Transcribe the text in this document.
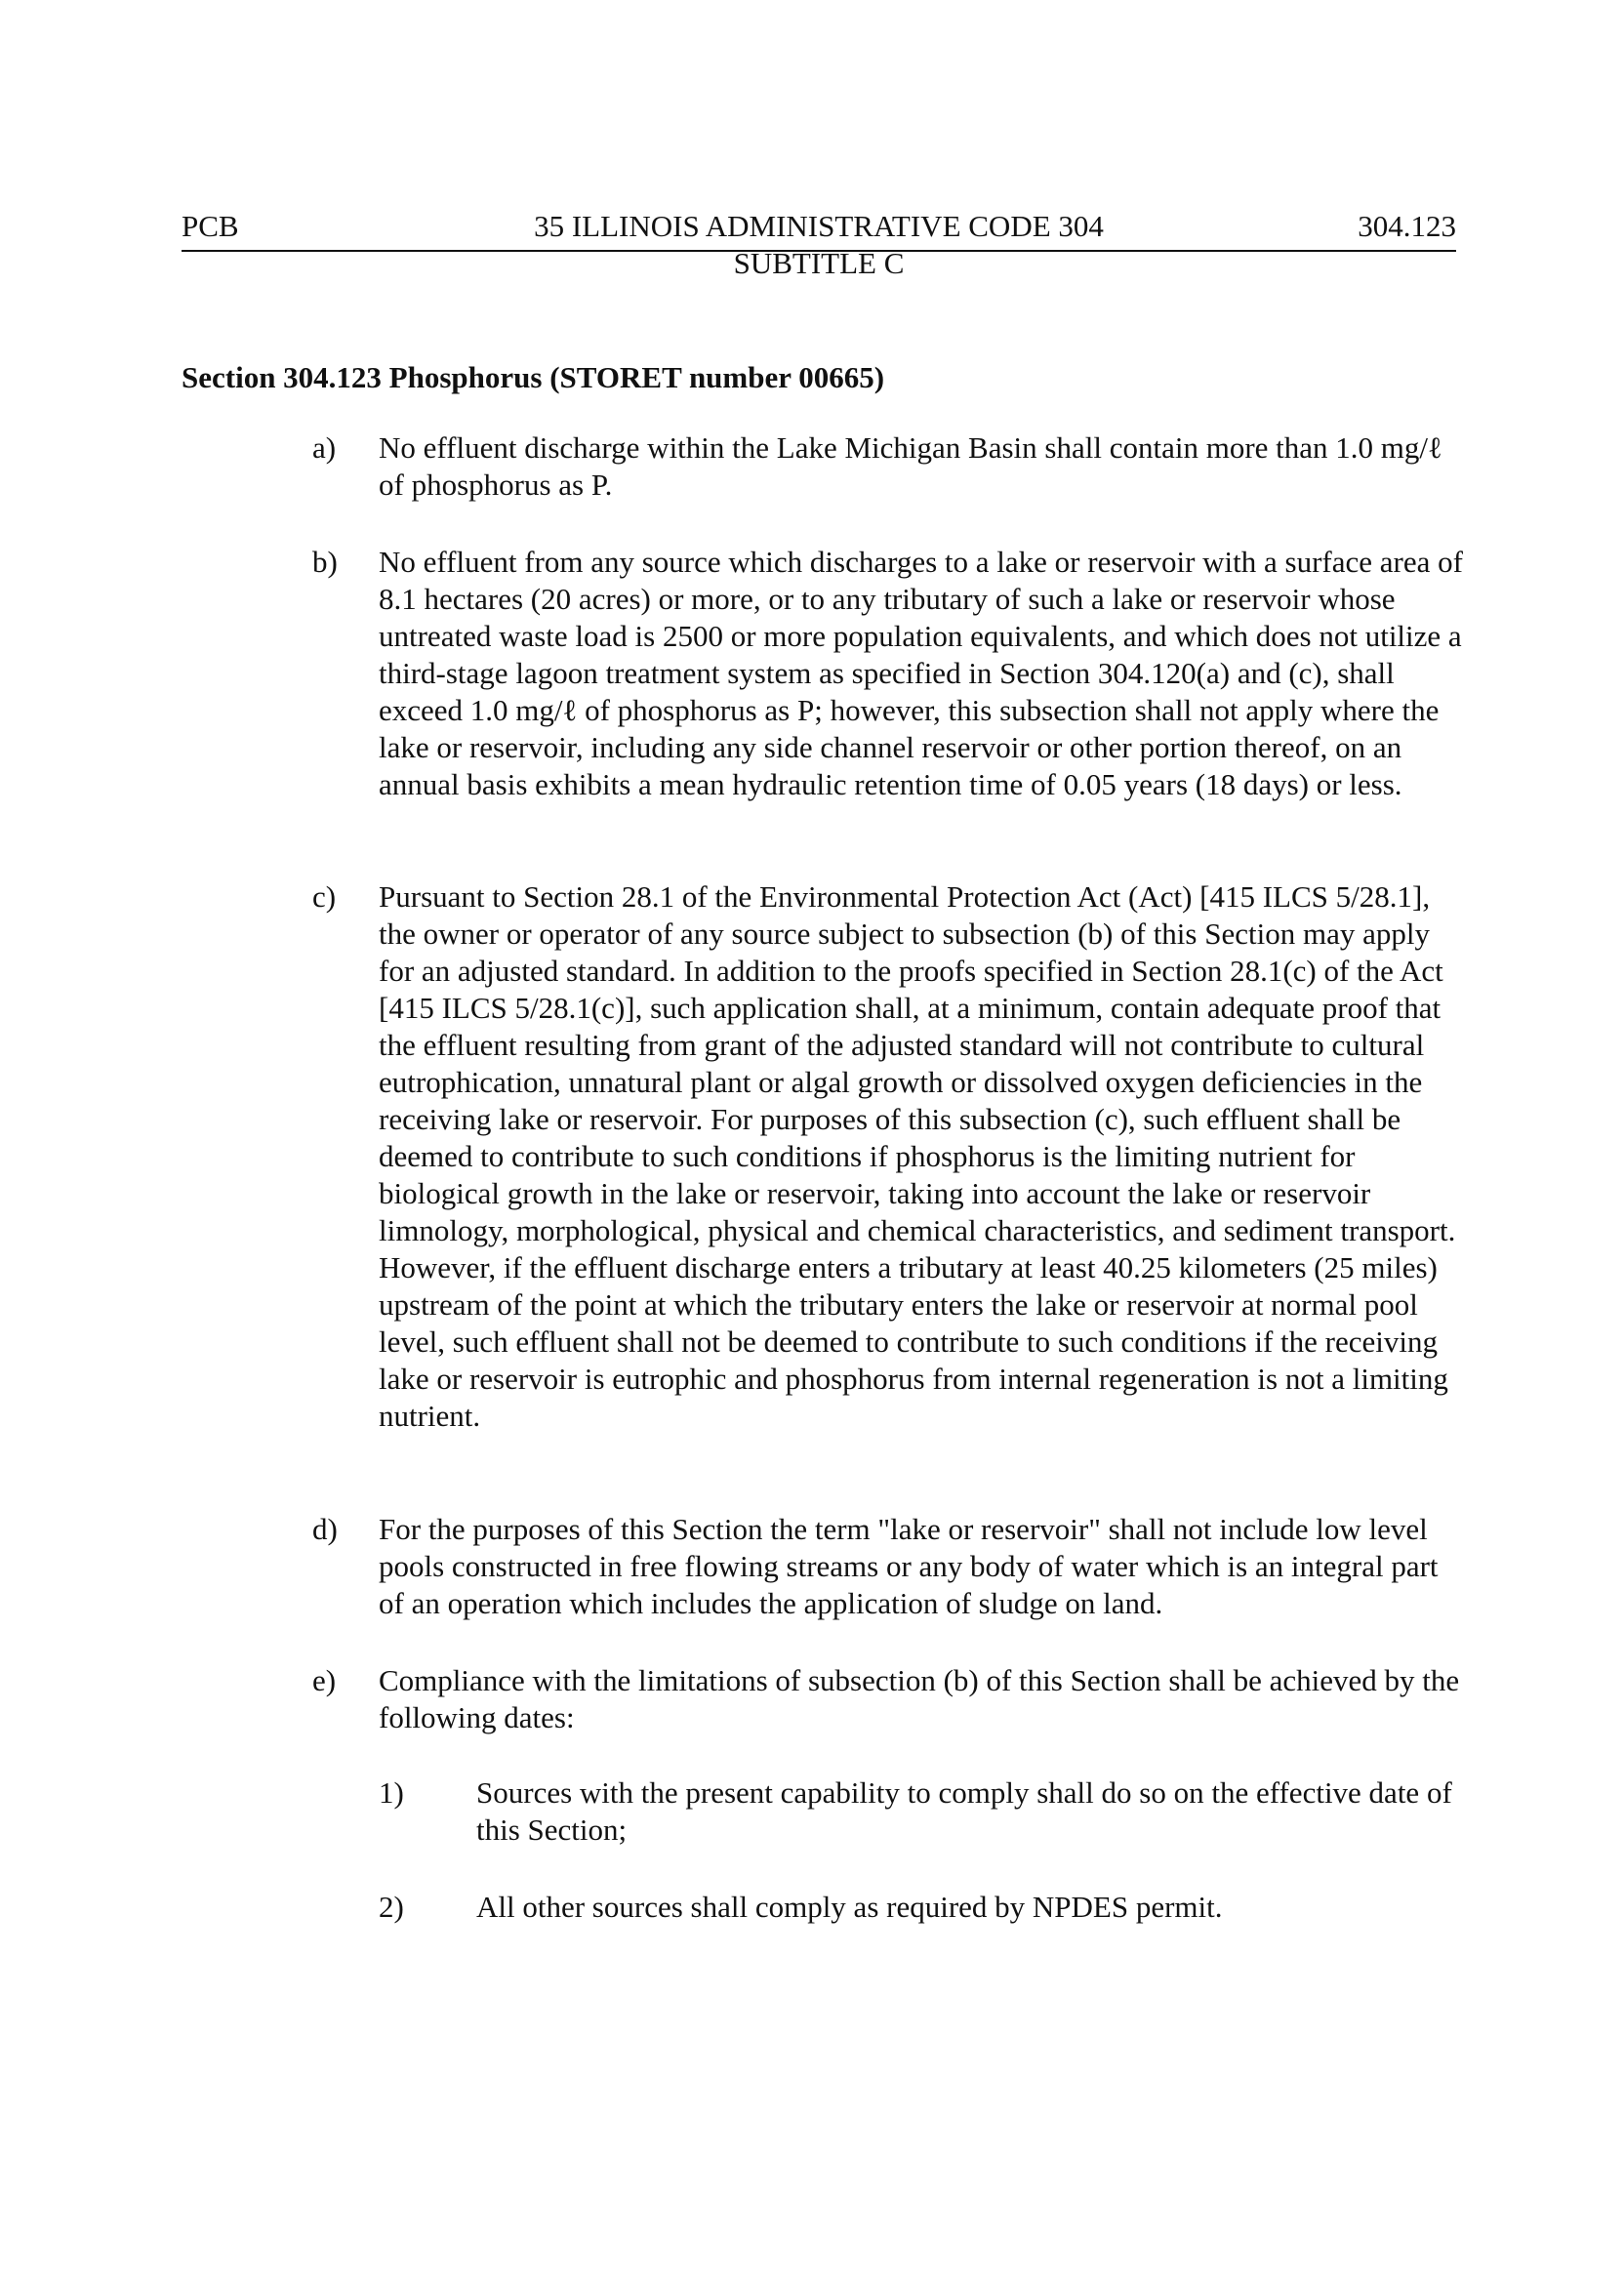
PCB	35 ILLINOIS ADMINISTRATIVE CODE 304	304.123
SUBTITLE C
Section 304.123 Phosphorus (STORET number 00665)
a) No effluent discharge within the Lake Michigan Basin shall contain more than 1.0 mg/ℓ of phosphorus as P.
b) No effluent from any source which discharges to a lake or reservoir with a surface area of 8.1 hectares (20 acres) or more, or to any tributary of such a lake or reservoir whose untreated waste load is 2500 or more population equivalents, and which does not utilize a third-stage lagoon treatment system as specified in Section 304.120(a) and (c), shall exceed 1.0 mg/ℓ of phosphorus as P; however, this subsection shall not apply where the lake or reservoir, including any side channel reservoir or other portion thereof, on an annual basis exhibits a mean hydraulic retention time of 0.05 years (18 days) or less.
c) Pursuant to Section 28.1 of the Environmental Protection Act (Act) [415 ILCS 5/28.1], the owner or operator of any source subject to subsection (b) of this Section may apply for an adjusted standard. In addition to the proofs specified in Section 28.1(c) of the Act [415 ILCS 5/28.1(c)], such application shall, at a minimum, contain adequate proof that the effluent resulting from grant of the adjusted standard will not contribute to cultural eutrophication, unnatural plant or algal growth or dissolved oxygen deficiencies in the receiving lake or reservoir. For purposes of this subsection (c), such effluent shall be deemed to contribute to such conditions if phosphorus is the limiting nutrient for biological growth in the lake or reservoir, taking into account the lake or reservoir limnology, morphological, physical and chemical characteristics, and sediment transport. However, if the effluent discharge enters a tributary at least 40.25 kilometers (25 miles) upstream of the point at which the tributary enters the lake or reservoir at normal pool level, such effluent shall not be deemed to contribute to such conditions if the receiving lake or reservoir is eutrophic and phosphorus from internal regeneration is not a limiting nutrient.
d) For the purposes of this Section the term "lake or reservoir" shall not include low level pools constructed in free flowing streams or any body of water which is an integral part of an operation which includes the application of sludge on land.
e) Compliance with the limitations of subsection (b) of this Section shall be achieved by the following dates:
1) Sources with the present capability to comply shall do so on the effective date of this Section;
2) All other sources shall comply as required by NPDES permit.
